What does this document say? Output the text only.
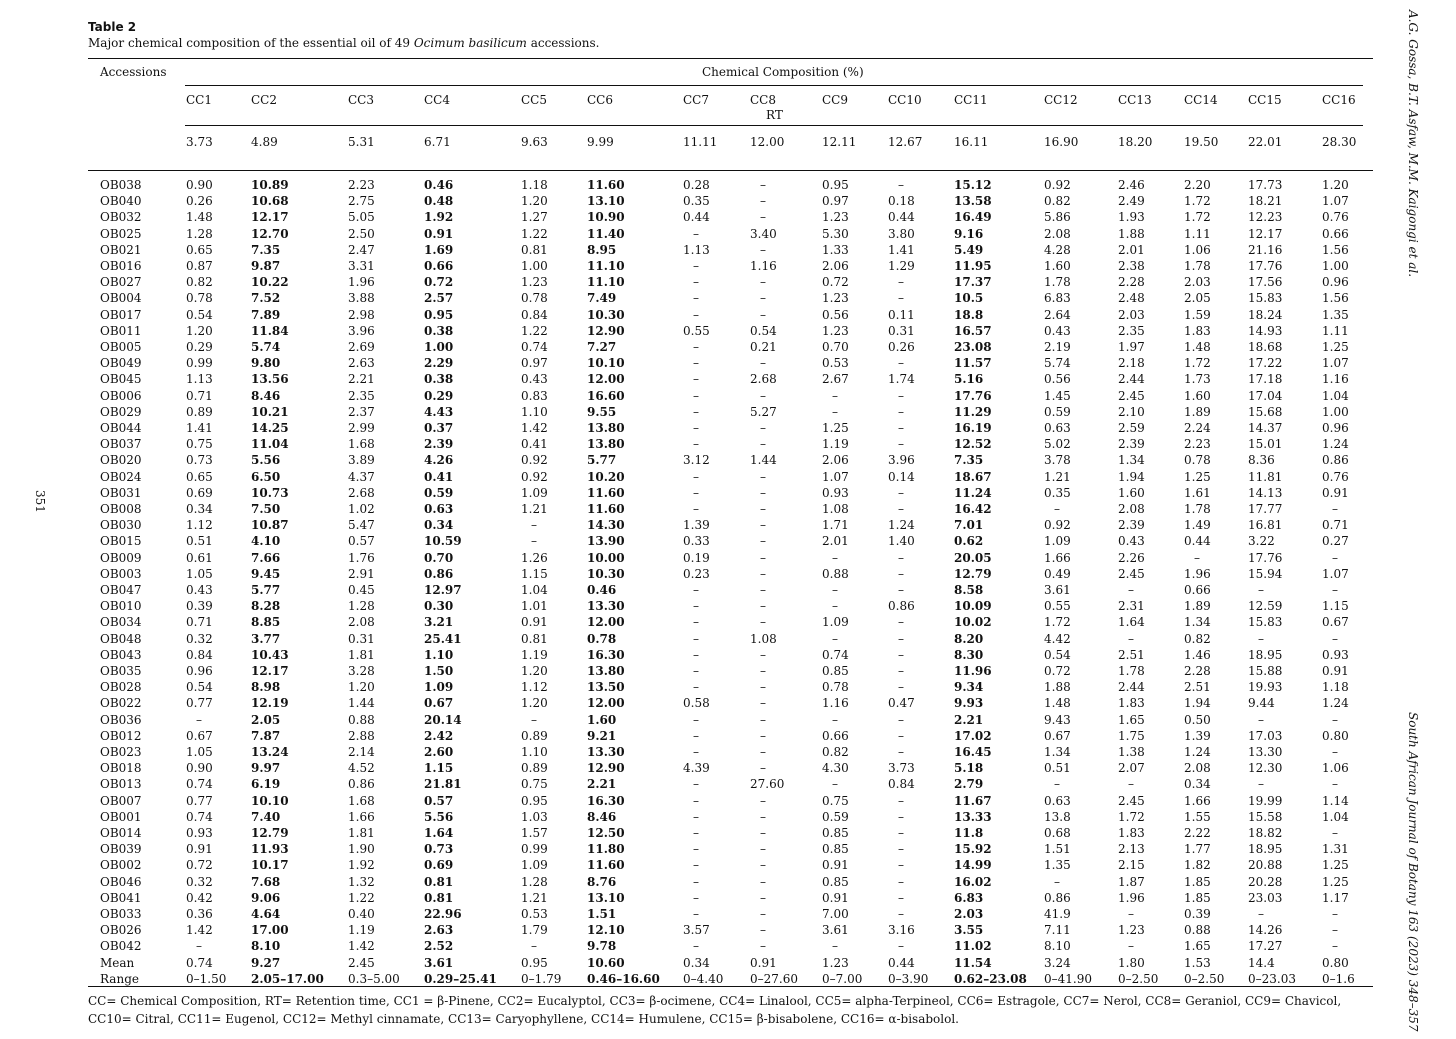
Table 2
Major chemical composition of the essential oil of 49 Ocimum basilicum accessions.
Accessions	Chemical Composition (%)
CC1	CC2	CC3	CC4	CC5	CC6	CC7	CC8	CC9	CC10	CC11	CC12	CC13	CC14	CC15	CC16
RT
3.73	4.89	5.31	6.71	9.63	9.99	11.11	12.00	12.11	12.67	16.11	16.90	18.20	19.50 22.01	28.30
OB038	0.90	10.89	2.23	0.46	1.18	11.60	0.28	–	0.95	–	15.12	0.92	2.46	2.20	17.73	1.20
OB040	0.26	10.68	2.75	0.48	1.20	13.10	0.35	–	0.97	0.18	13.58	0.82	2.49	1.72	18.21	1.07
OB032	1.48	12.17	5.05	1.92	1.27	10.90	0.44	–	1.23	0.44	16.49	5.86	1.93	1.72	12.23	0.76
OB025	1.28	12.70	2.50	0.91	1.22	11.40	–	3.40	5.30	3.80	9.16	2.08	1.88	1.11	12.17	0.66
OB021	0.65	7.35	2.47	1.69	0.81	8.95	1.13	–	1.33	1.41	5.49	4.28	2.01	1.06	21.16	1.56
OB016	0.87	9.87	3.31	0.66	1.00	11.10	–	1.16	2.06	1.29	11.95	1.60	2.38	1.78	17.76	1.00
OB027	0.82	10.22	1.96	0.72	1.23	11.10	–	–	0.72	–	17.37	1.78	2.28	2.03	17.56	0.96
OB004	0.78	7.52	3.88	2.57	0.78	7.49	–	–	1.23	–	10.5	6.83	2.48	2.05	15.83	1.56
OB017	0.54	7.89	2.98	0.95	0.84	10.30	–	–	0.56	0.11	18.8	2.64	2.03	1.59	18.24	1.35
OB011	1.20	11.84	3.96	0.38	1.22	12.90	0.55	0.54	1.23	0.31	16.57	0.43	2.35	1.83	14.93	1.11
OB005	0.29	5.74	2.69	1.00	0.74	7.27	–	0.21	0.70	0.26	23.08	2.19	1.97	1.48	18.68	1.25
OB049	0.99	9.80	2.63	2.29	0.97	10.10	–	–	0.53	–	11.57	5.74	2.18	1.72	17.22	1.07
OB045	1.13	13.56	2.21	0.38	0.43	12.00	–	2.68	2.67	1.74	5.16	0.56	2.44	1.73	17.18	1.16
OB006	0.71	8.46	2.35	0.29	0.83	16.60	–	–	–	–	17.76	1.45	2.45	1.60	17.04	1.04
OB029	0.89	10.21	2.37	4.43	1.10	9.55	–	5.27	–	–	11.29	0.59	2.10	1.89	15.68	1.00
OB044	1.41	14.25	2.99	0.37	1.42	13.80	–	–	1.25	–	16.19	0.63	2.59	2.24	14.37	0.96
OB037	0.75	11.04	1.68	2.39	0.41	13.80	–	–	1.19	–	12.52	5.02	2.39	2.23	15.01	1.24
OB020	0.73	5.56	3.89	4.26	0.92	5.77	3.12	1.44	2.06	3.96	7.35	3.78	1.34	0.78	8.36	0.86
OB024	0.65	6.50	4.37	0.41	0.92	10.20	–	–	1.07	0.14	18.67	1.21	1.94	1.25	11.81	0.76
OB031	0.69	10.73	2.68	0.59	1.09	11.60	–	–	0.93	–	11.24	0.35	1.60	1.61	14.13	0.91
OB008	0.34	7.50	1.02	0.63	1.21	11.60	–	–	1.08	–	16.42	–	2.08	1.78	17.77	–
OB030	1.12	10.87	5.47	0.34	–	14.30	1.39	–	1.71	1.24	7.01	0.92	2.39	1.49	16.81	0.71
OB015	0.51	4.10	0.57	10.59	–	13.90	0.33	–	2.01	1.40	0.62	1.09	0.43	0.44	3.22	0.27
OB009	0.61	7.66	1.76	0.70	1.26	10.00	0.19	–	–	–	20.05	1.66	2.26	–	17.76	–
OB003	1.05	9.45	2.91	0.86	1.15	10.30	0.23	–	0.88	–	12.79	0.49	2.45	1.96	15.94	1.07
OB047	0.43	5.77	0.45	12.97	1.04	0.46	–	–	–	–	8.58	3.61	–	0.66	–	–
OB010	0.39	8.28	1.28	0.30	1.01	13.30	–	–	–	0.86	10.09	0.55	2.31	1.89	12.59	1.15
OB034	0.71	8.85	2.08	3.21	0.91	12.00	–	–	1.09	–	10.02	1.72	1.64	1.34	15.83	0.67
OB048	0.32	3.77	0.31	25.41	0.81	0.78	–	1.08	–	–	8.20	4.42	–	0.82	–	–
OB043	0.84	10.43	1.81	1.10	1.19	16.30	–	–	0.74	–	8.30	0.54	2.51	1.46	18.95	0.93
OB035	0.96	12.17	3.28	1.50	1.20	13.80	–	–	0.85	–	11.96	0.72	1.78	2.28	15.88	0.91
OB028	0.54	8.98	1.20	1.09	1.12	13.50	–	–	0.78	–	9.34	1.88	2.44	2.51	19.93	1.18
OB022	0.77	12.19	1.44	0.67	1.20	12.00	0.58	–	1.16	0.47	9.93	1.48	1.83	1.94	9.44	1.24
OB036	–	2.05	0.88	20.14	–	1.60	–	–	–	–	2.21	9.43	1.65	0.50	–	–
OB012	0.67	7.87	2.88	2.42	0.89	9.21	–	–	0.66	–	17.02	0.67	1.75	1.39	17.03	0.80
OB023	1.05	13.24	2.14	2.60	1.10	13.30	–	–	0.82	–	16.45	1.34	1.38	1.24	13.30	–
OB018	0.90	9.97	4.52	1.15	0.89	12.90	4.39	–	4.30	3.73	5.18	0.51	2.07	2.08	12.30	1.06
OB013	0.74	6.19	0.86	21.81	0.75	2.21	–	27.60	–	0.84	2.79	–	–	0.34	–	–
OB007	0.77	10.10	1.68	0.57	0.95	16.30	–	–	0.75	–	11.67	0.63	2.45	1.66	19.99	1.14
OB001	0.74	7.40	1.66	5.56	1.03	8.46	–	–	0.59	–	13.33	13.8	1.72	1.55	15.58	1.04
OB014	0.93	12.79	1.81	1.64	1.57	12.50	–	–	0.85	–	11.8	0.68	1.83	2.22	18.82	–
OB039	0.91	11.93	1.90	0.73	0.99	11.80	–	–	0.85	–	15.92	1.51	2.13	1.77	18.95	1.31
OB002	0.72	10.17	1.92	0.69	1.09	11.60	–	–	0.91	–	14.99	1.35	2.15	1.82	20.88	1.25
OB046	0.32	7.68	1.32	0.81	1.28	8.76	–	–	0.85	–	16.02	–	1.87	1.85	20.28	1.25
OB041	0.42	9.06	1.22	0.81	1.21	13.10	–	–	0.91	–	6.83	0.86	1.96	1.85	23.03	1.17
OB033	0.36	4.64	0.40	22.96	0.53	1.51	–	–	7.00	–	2.03	41.9	–	0.39	–	–
OB026	1.42	17.00	1.19	2.63	1.79	12.10	3.57	–	3.61	3.16	3.55	7.11	1.23	0.88	14.26	–
OB042	–	8.10	1.42	2.52	–	9.78	–	–	–	–	11.02	8.10	–	1.65	17.27	–
Mean	0.74	9.27	2.45	3.61	0.95	10.60	0.34	0.91	1.23	0.44	11.54	3.24	1.80	1.53	14.4	0.80
Range	0–1.50 2.05–17.00 0.3–5.00 0.29–25.41 0–1.79 0.46–16.60 0–4.40 0–27.60 0–7.00 0–3.90 0.62–23.08 0–41.90 0–2.50 0–2.50 0–23.03 0–1.6
CC= Chemical Composition, RT= Retention time, CC1 = β-Pinene, CC2= Eucalyptol, CC3= β-ocimene, CC4= Linalool, CC5= alpha-Terpineol, CC6= Estragole, CC7= Nerol, CC8= Geraniol, CC9= Chavicol, CC10= Citral, CC11= Eugenol, CC12= Methyl cinnamate, CC13= Caryophyllene, CC14= Humulene, CC15= β-bisabolene, CC16= α-bisabolol.
351
A.G. Gossa, B.T. Asfaw, M.M. Kaigongi et al.
South African Journal of Botany 163 (2023) 348–357
